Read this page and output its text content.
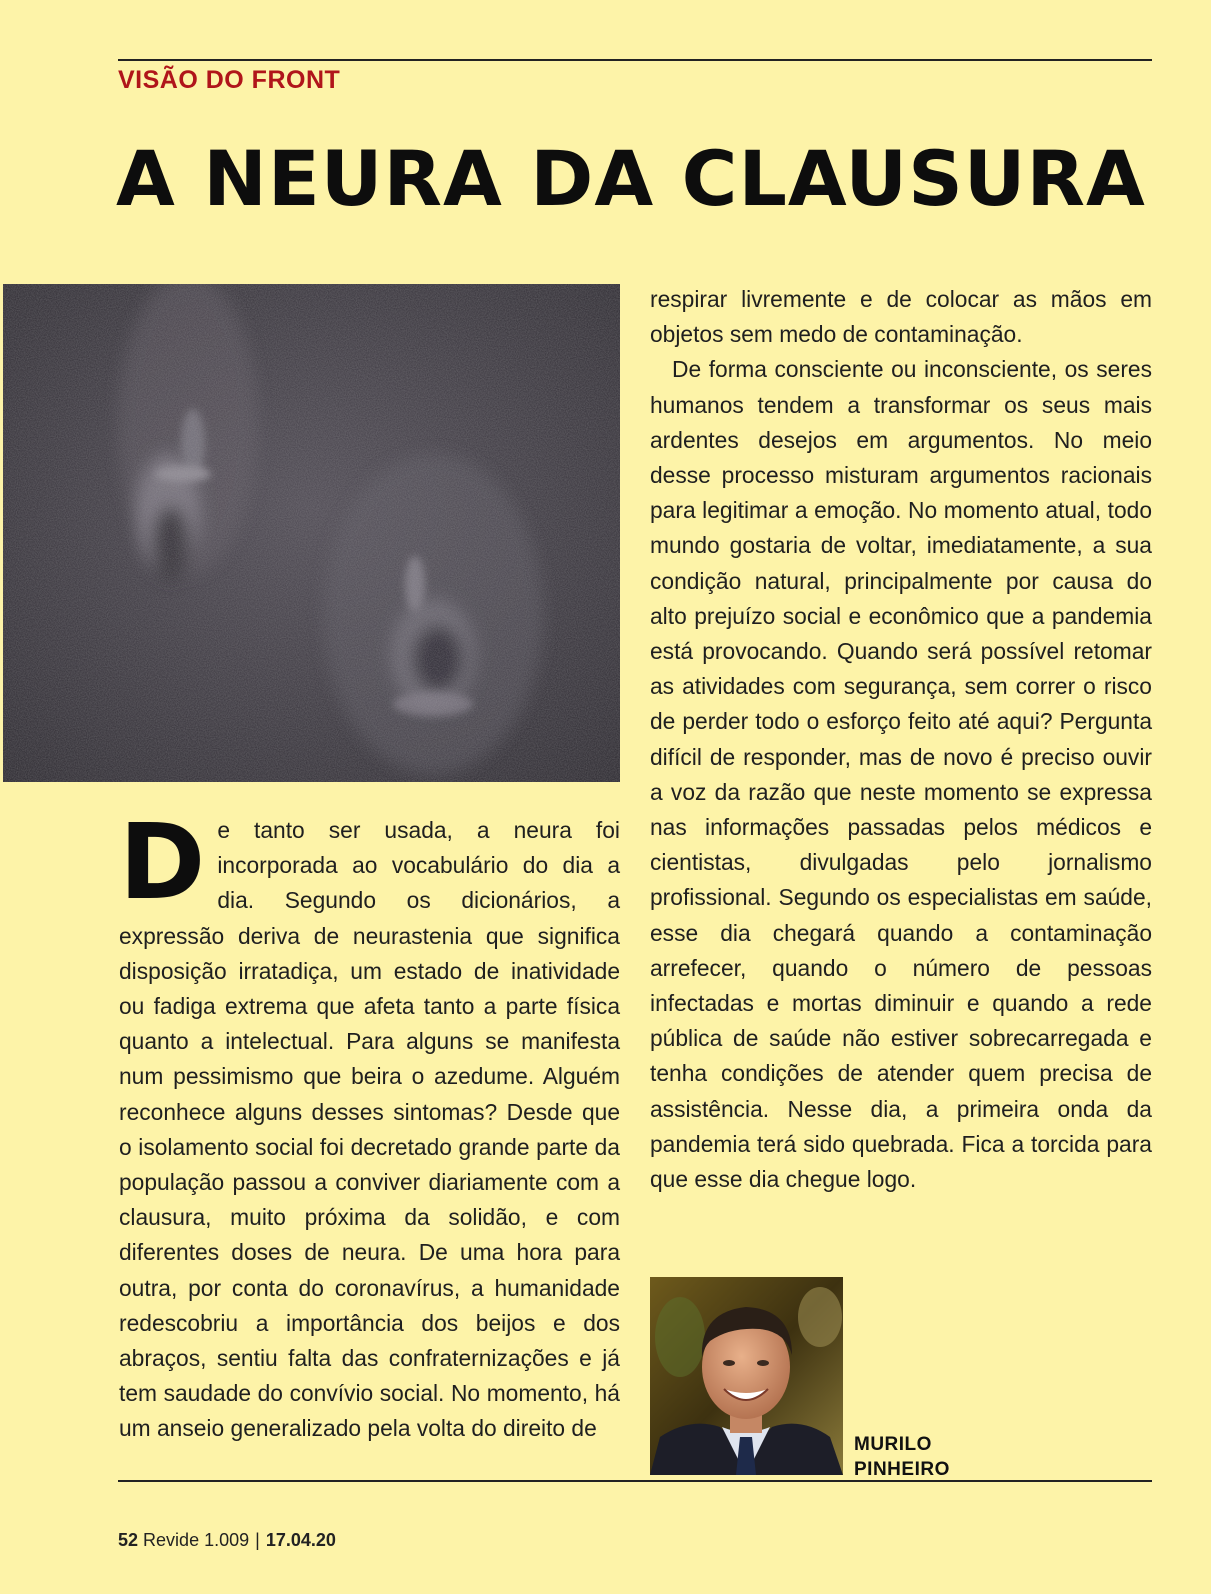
VISÃO DO FRONT
A NEURA DA CLAUSURA

De tanto ser usada, a neura foi incorporada ao vocabulário do dia a dia. Segundo os dicionários, a expressão deriva de neurastenia que significa disposição irratadiça, um estado de inatividade ou fadiga extrema que afeta tanto a parte física quanto a intelectual. Para alguns se manifesta num pessimismo que beira o azedume. Alguém reconhece alguns desses sintomas? Desde que o isolamento social foi decretado grande parte da população passou a conviver diariamente com a clausura, muito próxima da solidão, e com diferentes doses de neura. De uma hora para outra, por conta do coronavírus, a humanidade redescobriu a importância dos beijos e dos abraços, sentiu falta das confraternizações e já tem saudade do convívio social. No momento, há um anseio generalizado pela volta do direito de

respirar livremente e de colocar as mãos em objetos sem medo de contaminação.

De forma consciente ou inconsciente, os seres humanos tendem a transformar os seus mais ardentes desejos em argumentos. No meio desse processo misturam argumentos racionais para legitimar a emoção. No momento atual, todo mundo gostaria de voltar, imediatamente, a sua condição natural, principalmente por causa do alto prejuízo social e econômico que a pandemia está provocando. Quando será possível retomar as atividades com segurança, sem correr o risco de perder todo o esforço feito até aqui? Pergunta difícil de responder, mas de novo é preciso ouvir a voz da razão que neste momento se expressa nas informações passadas pelos médicos e cientistas, divulgadas pelo jornalismo profissional. Segundo os especialistas em saúde, esse dia chegará quando a contaminação arrefecer, quando o número de pessoas infectadas e mortas diminuir e quando a rede pública de saúde não estiver sobrecarregada e tenha condições de atender quem precisa de assistência. Nesse dia, a primeira onda da pandemia terá sido quebrada. Fica a torcida para que esse dia chegue logo.

MURILO
PINHEIRO
52 Revide 1.009 | 17.04.20
